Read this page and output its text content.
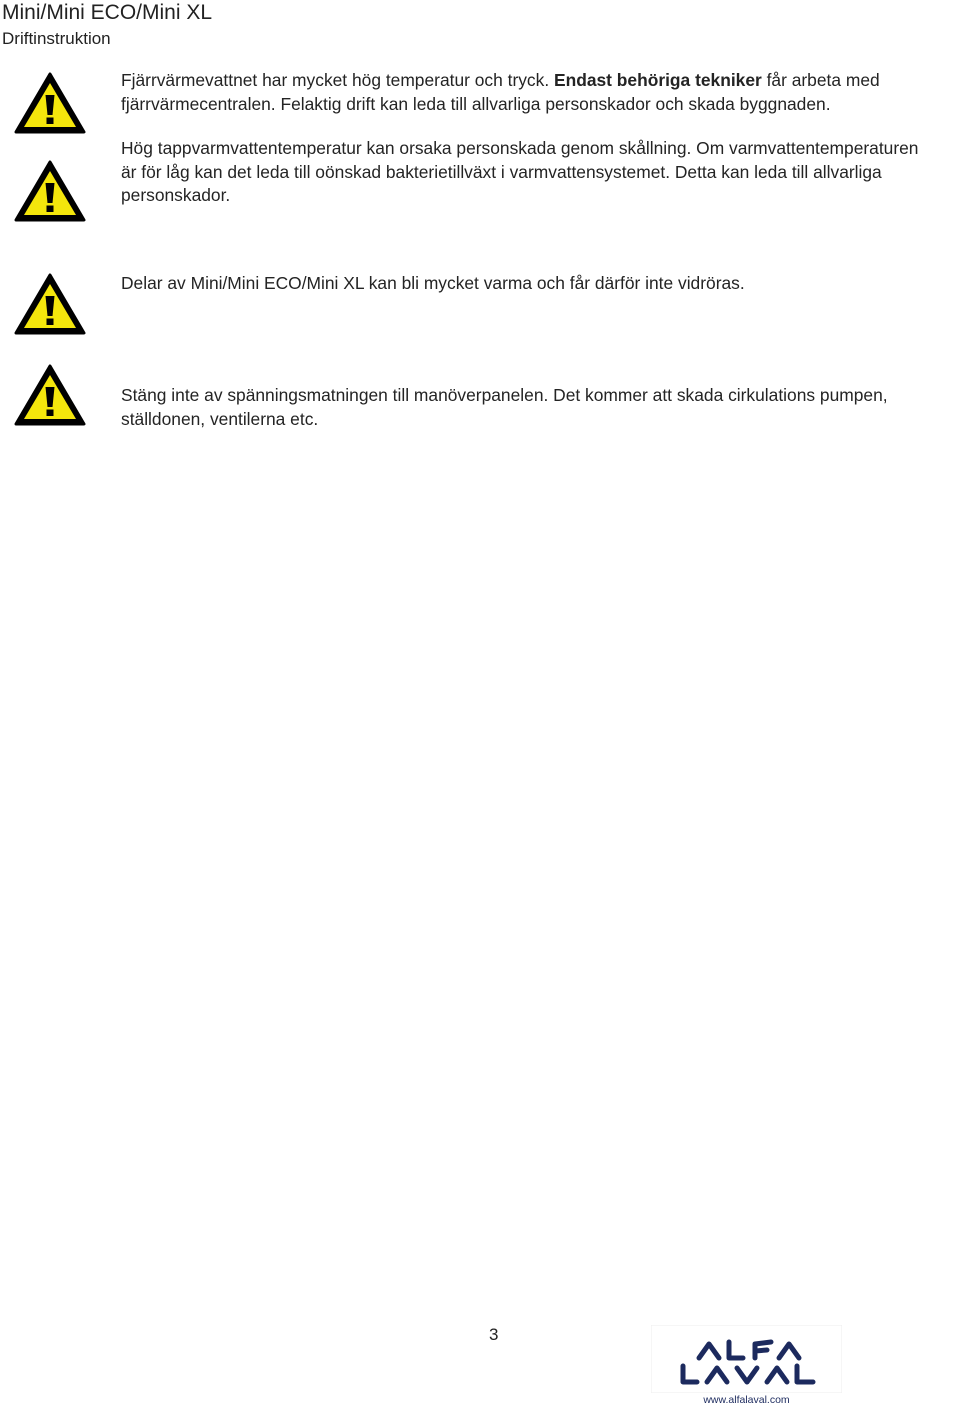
Mini/Mini ECO/Mini XL
Driftinstruktion

Fjärrvärmevattnet har mycket hög temperatur och tryck. Endast behöriga tekniker får arbeta med fjärrvärmecentralen. Felaktig drift kan leda till allvarliga personskador och skada byggnaden.

Hög tappvarmvattentemperatur kan orsaka personskada genom skållning. Om varmvattentemperaturen är för låg kan det leda till oönskad bakterietillväxt i varmvattensystemet. Detta kan leda till allvarliga personskador.

Delar av Mini/Mini ECO/Mini XL kan bli mycket varma och får därför inte vidröras.

Stäng inte av spänningsmatningen till manöverpanelen. Det kommer att skada cirkulations pumpen, ställdonen, ventilerna etc.

3
www.alfalaval.com
